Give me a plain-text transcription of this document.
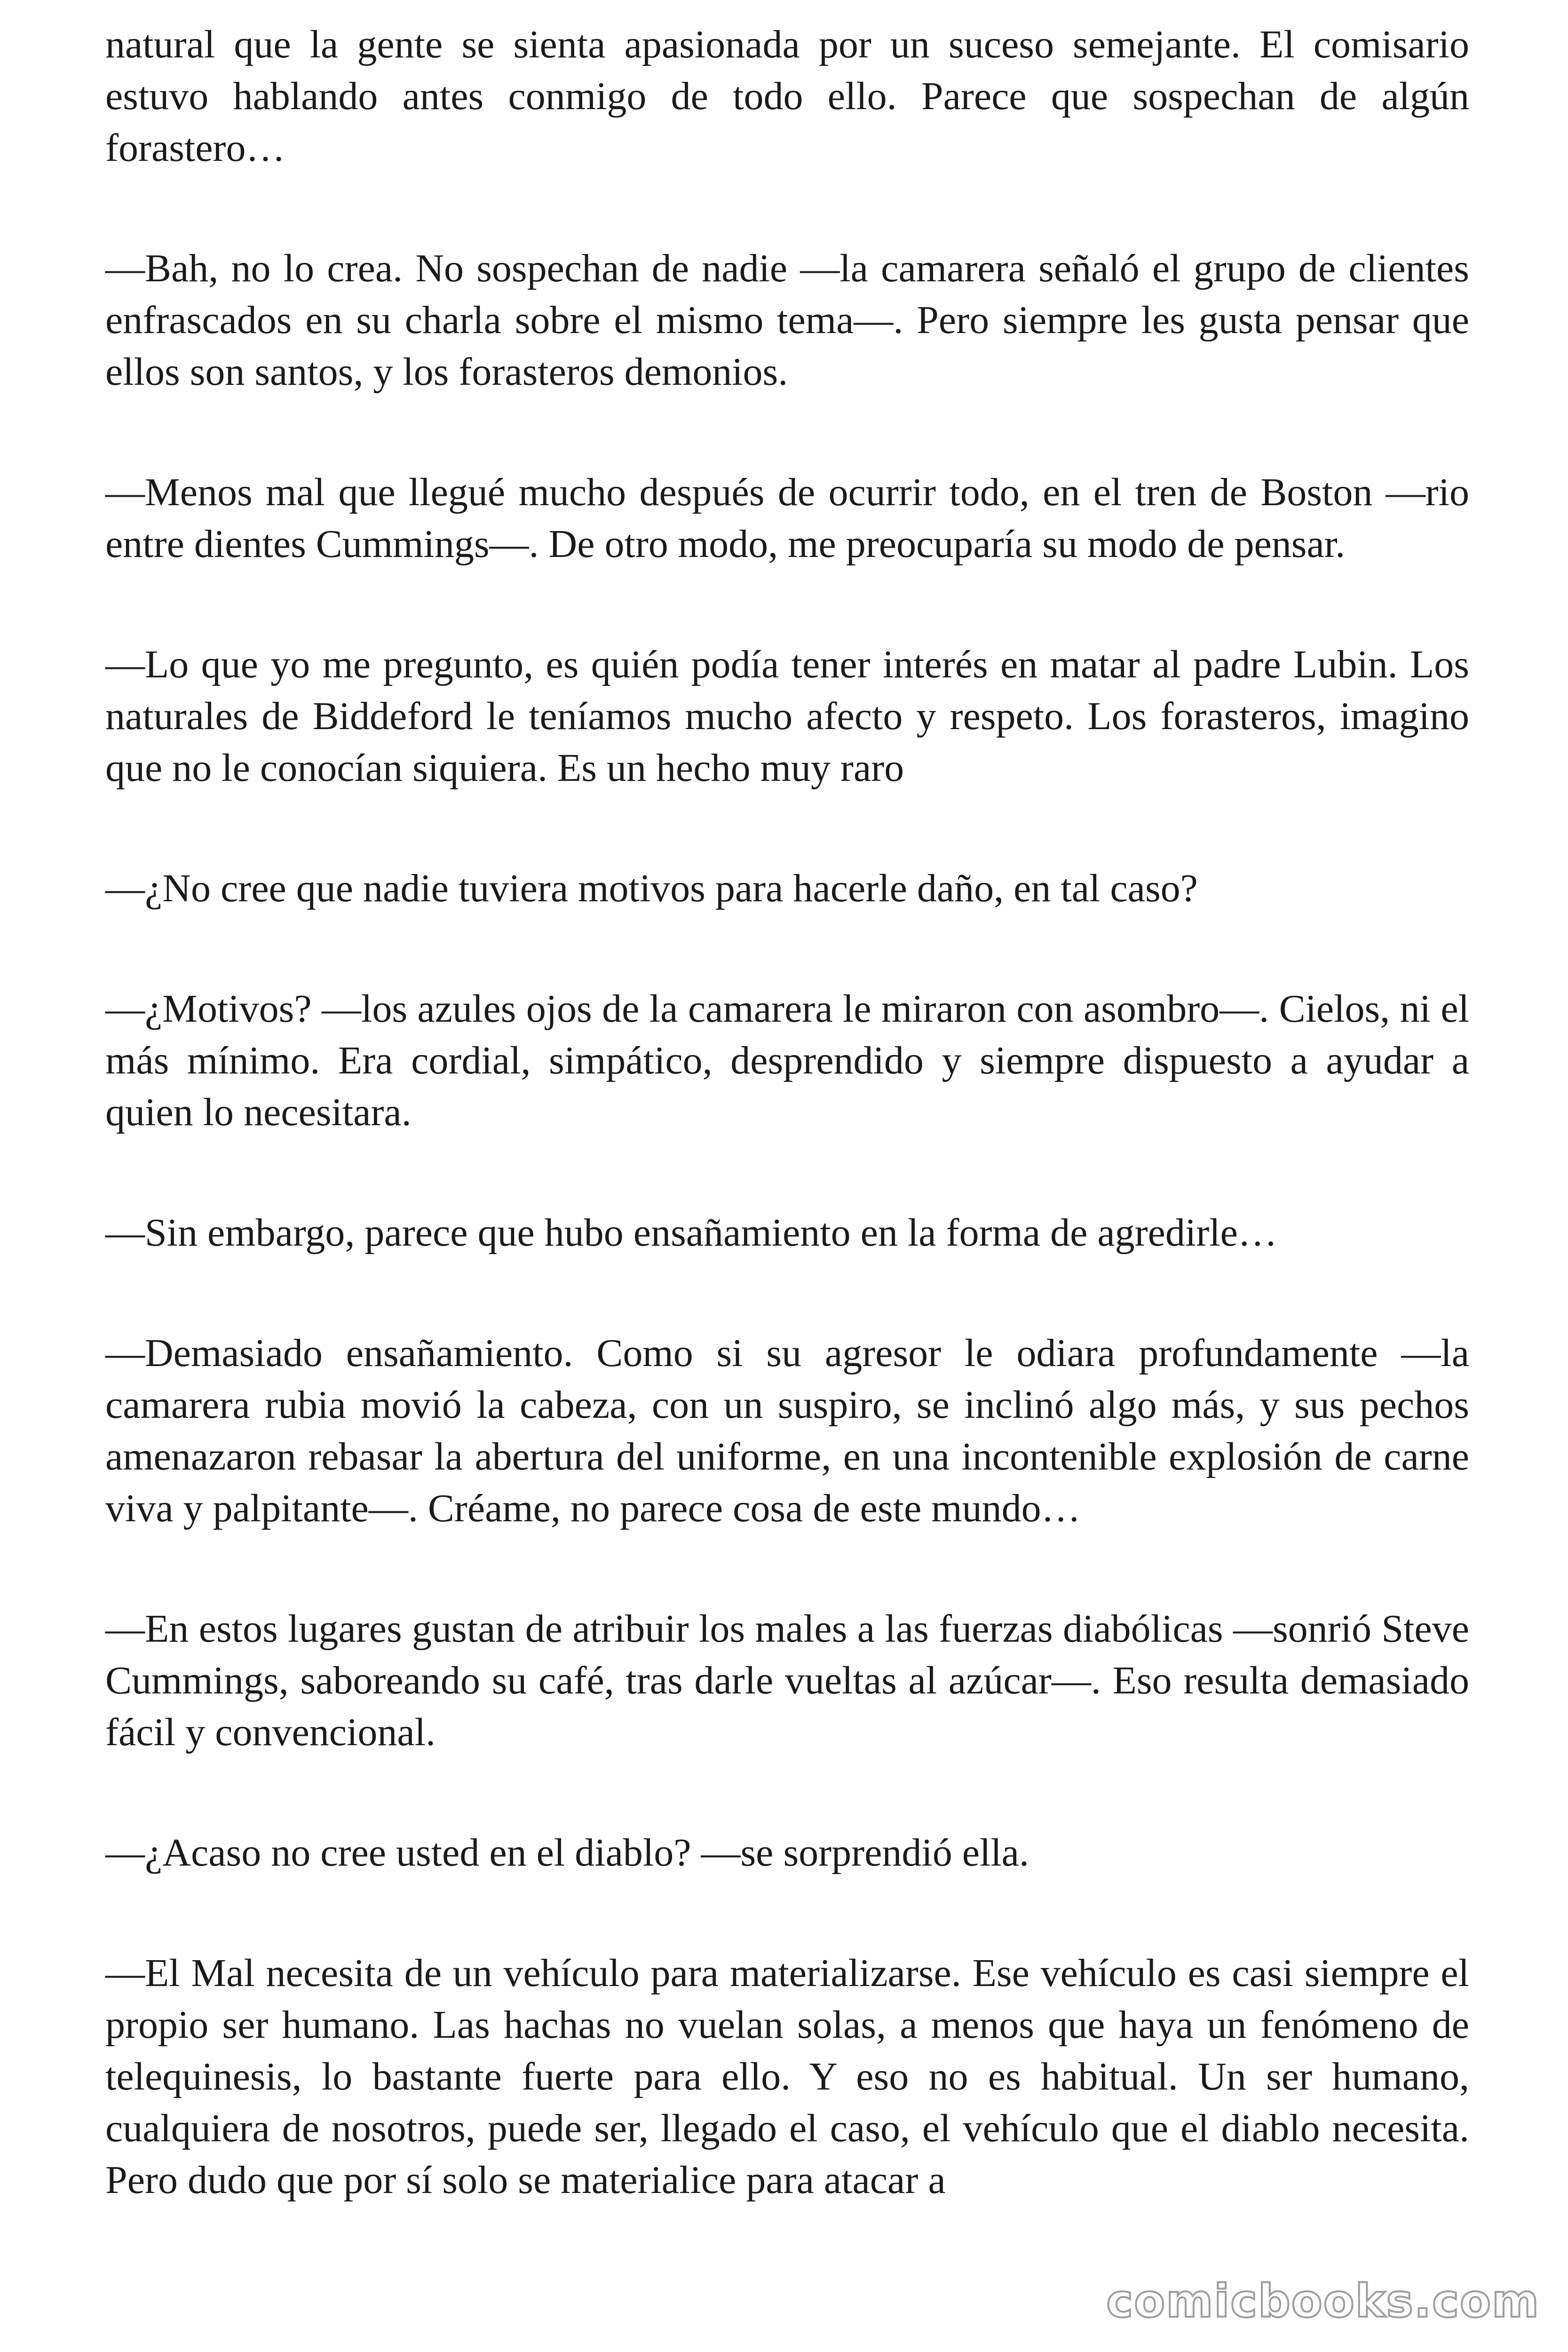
natural que la gente se sienta apasionada por un suceso semejante. El comisario estuvo hablando antes conmigo de todo ello. Parece que sospechan de algún forastero…

—Bah, no lo crea. No sospechan de nadie —la camarera señaló el grupo de clientes enfrascados en su charla sobre el mismo tema—. Pero siempre les gusta pensar que ellos son santos, y los forasteros demonios.

—Menos mal que llegué mucho después de ocurrir todo, en el tren de Boston —rio entre dientes Cummings—. De otro modo, me preocuparía su modo de pensar.

—Lo que yo me pregunto, es quién podía tener interés en matar al padre Lubin. Los naturales de Biddeford le teníamos mucho afecto y respeto. Los forasteros, imagino que no le conocían siquiera. Es un hecho muy raro

—¿No cree que nadie tuviera motivos para hacerle daño, en tal caso?

—¿Motivos? —los azules ojos de la camarera le miraron con asombro—. Cielos, ni el más mínimo. Era cordial, simpático, desprendido y siempre dispuesto a ayudar a quien lo necesitara.

—Sin embargo, parece que hubo ensañamiento en la forma de agredirle…

—Demasiado ensañamiento. Como si su agresor le odiara profundamente —la camarera rubia movió la cabeza, con un suspiro, se inclinó algo más, y sus pechos amenazaron rebasar la abertura del uniforme, en una incontenible explosión de carne viva y palpitante—. Créame, no parece cosa de este mundo…

—En estos lugares gustan de atribuir los males a las fuerzas diabólicas —sonrió Steve Cummings, saboreando su café, tras darle vueltas al azúcar—. Eso resulta demasiado fácil y convencional.

—¿Acaso no cree usted en el diablo? —se sorprendió ella.

—El Mal necesita de un vehículo para materializarse. Ese vehículo es casi siempre el propio ser humano. Las hachas no vuelan solas, a menos que haya un fenómeno de telequinesis, lo bastante fuerte para ello. Y eso no es habitual. Un ser humano, cualquiera de nosotros, puede ser, llegado el caso, el vehículo que el diablo necesita. Pero dudo que por sí solo se materialice para atacar a

comicbooks.com
